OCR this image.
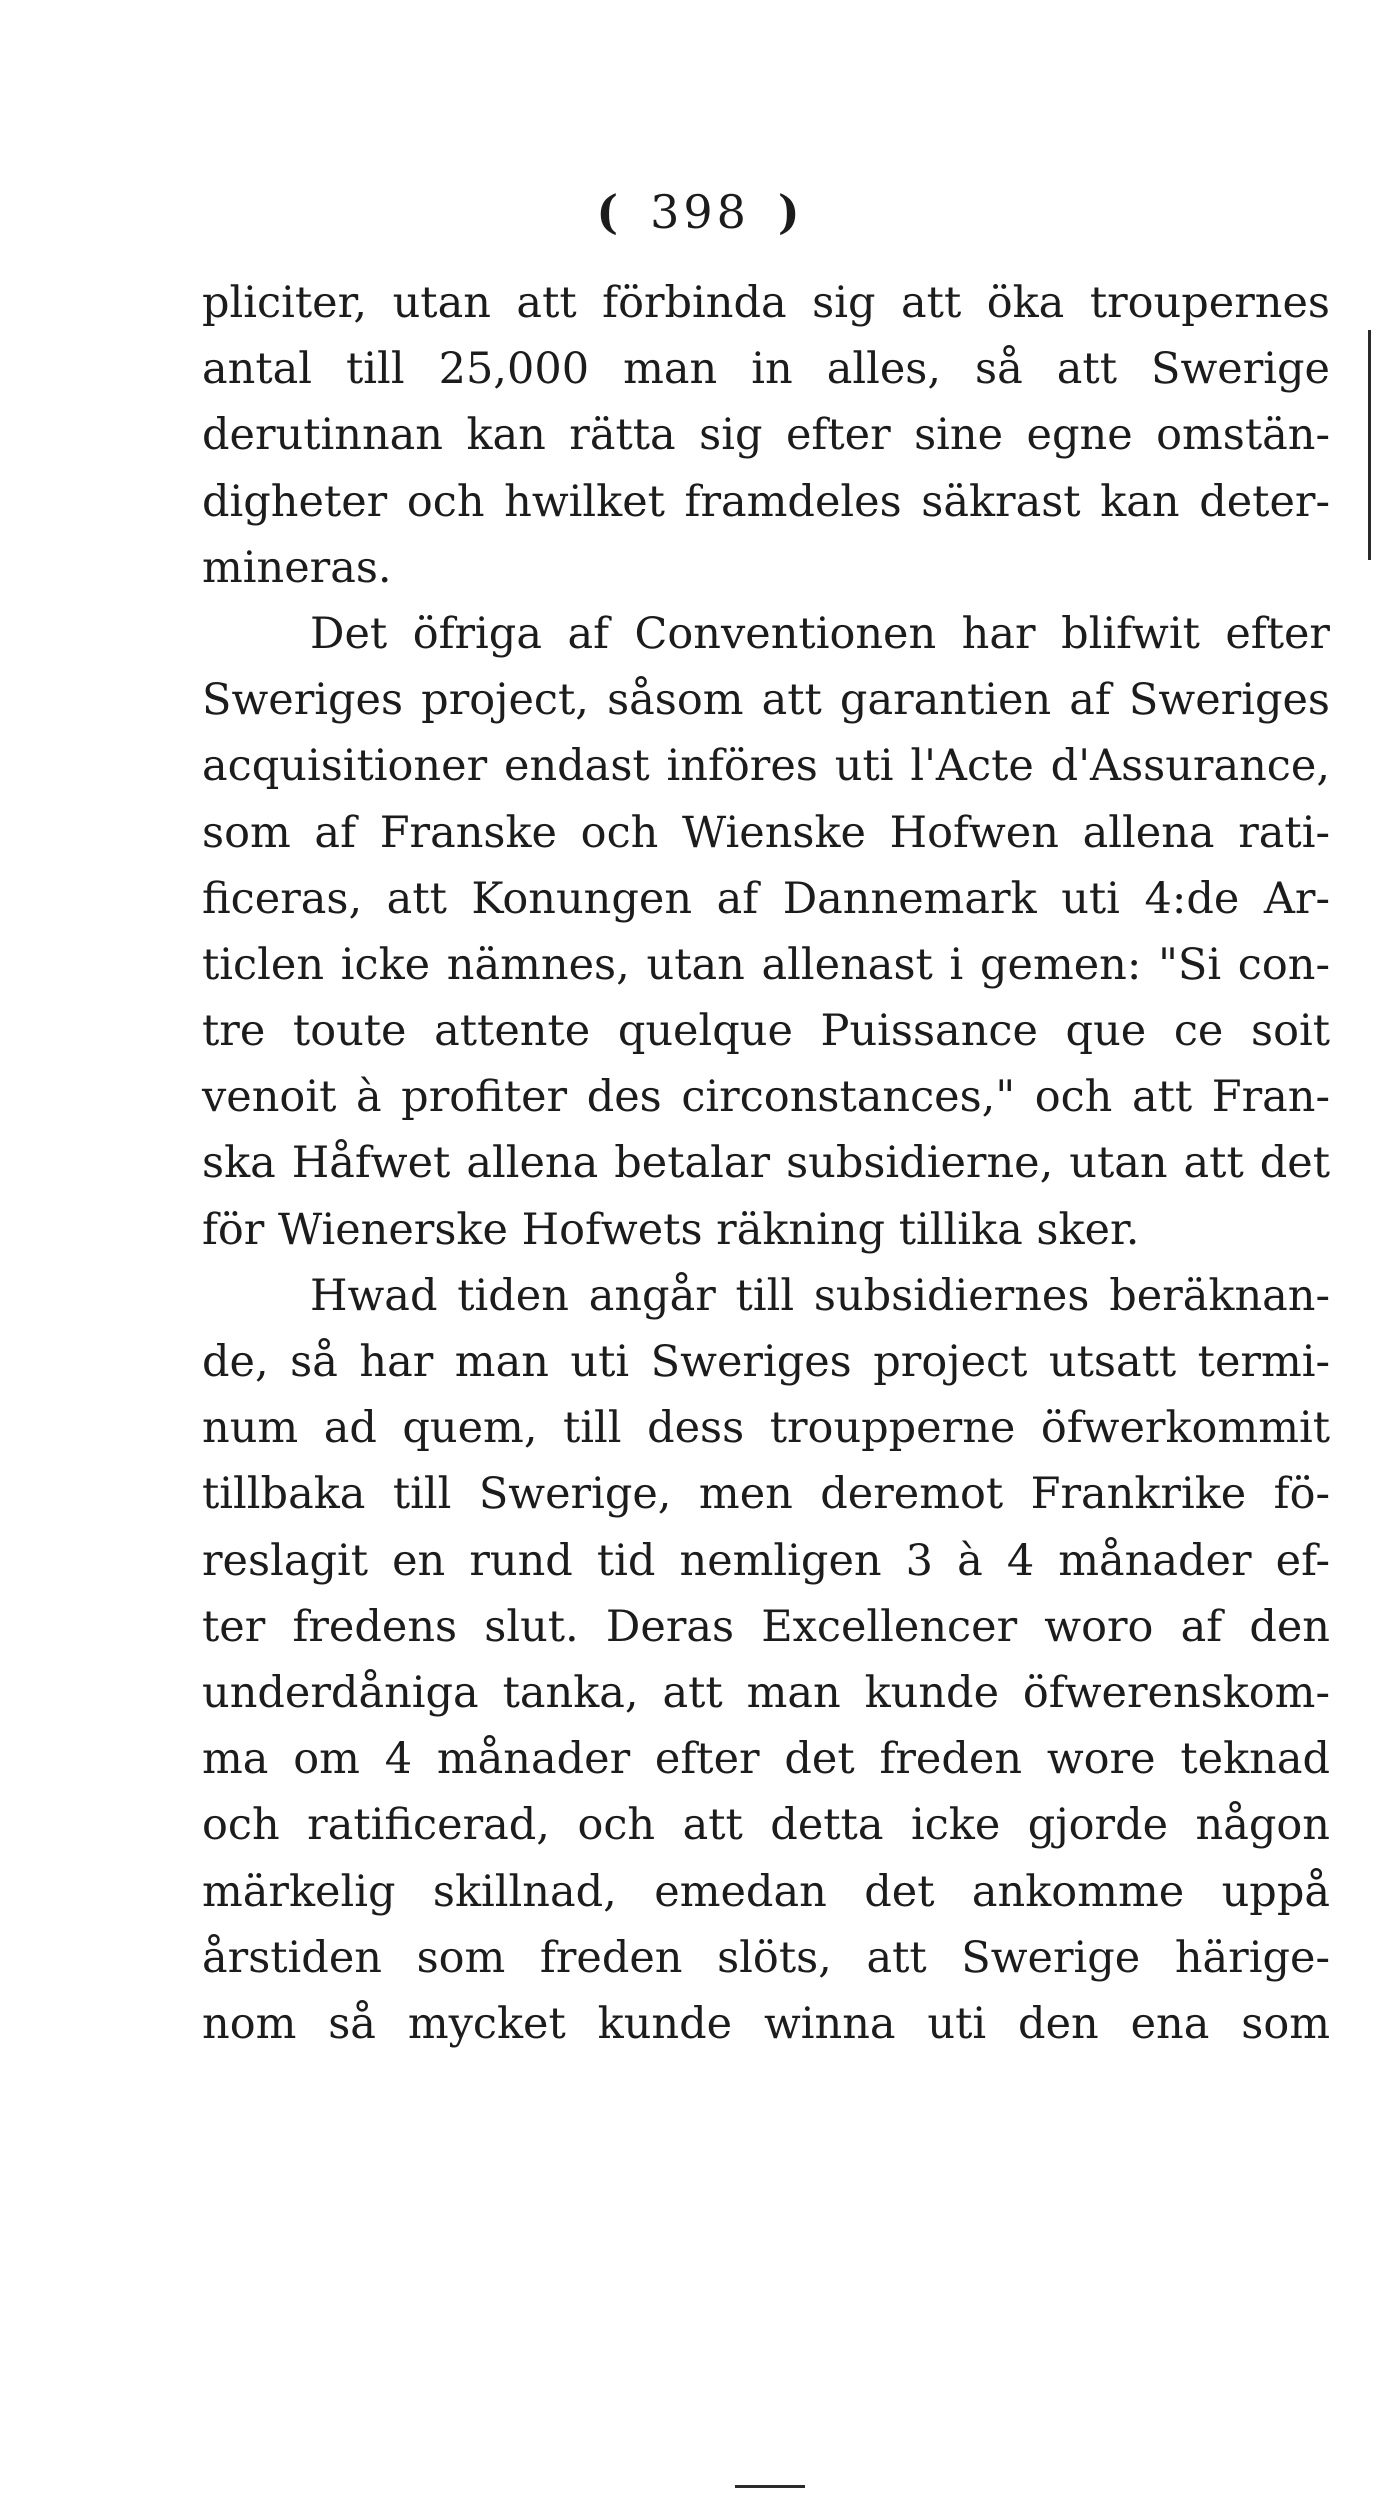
( 398 )
pliciter, utan att förbinda sig att öka troupernes
antal till 25,000 man in alles, så att Swerige
derutinnan kan rätta sig efter sine egne omstän-
digheter och hwilket framdeles säkrast kan deter-
mineras.
Det öfriga af Conventionen har blifwit efter
Sweriges project, såsom att garantien af Sweriges
acquisitioner endast införes uti l'Acte d'Assurance,
som af Franske och Wienske Hofwen allena rati-
ficeras, att Konungen af Dannemark uti 4:de Ar-
ticlen icke nämnes, utan allenast i gemen: "Si con-
tre toute attente quelque Puissance que ce soit
venoit à profiter des circonstances," och att Fran-
ska Håfwet allena betalar subsidierne, utan att det
för Wienerske Hofwets räkning tillika sker.
Hwad tiden angår till subsidiernes beräknan-
de, så har man uti Sweriges project utsatt termi-
num ad quem, till dess troupperne öfwerkommit
tillbaka till Swerige, men deremot Frankrike fö-
reslagit en rund tid nemligen 3 à 4 månader ef-
ter fredens slut. Deras Excellencer woro af den
underdåniga tanka, att man kunde öfwerenskom-
ma om 4 månader efter det freden wore teknad
och ratificerad, och att detta icke gjorde någon
märkelig skillnad, emedan det ankomme uppå
årstiden som freden slöts, att Swerige härige-
nom så mycket kunde winna uti den ena som
